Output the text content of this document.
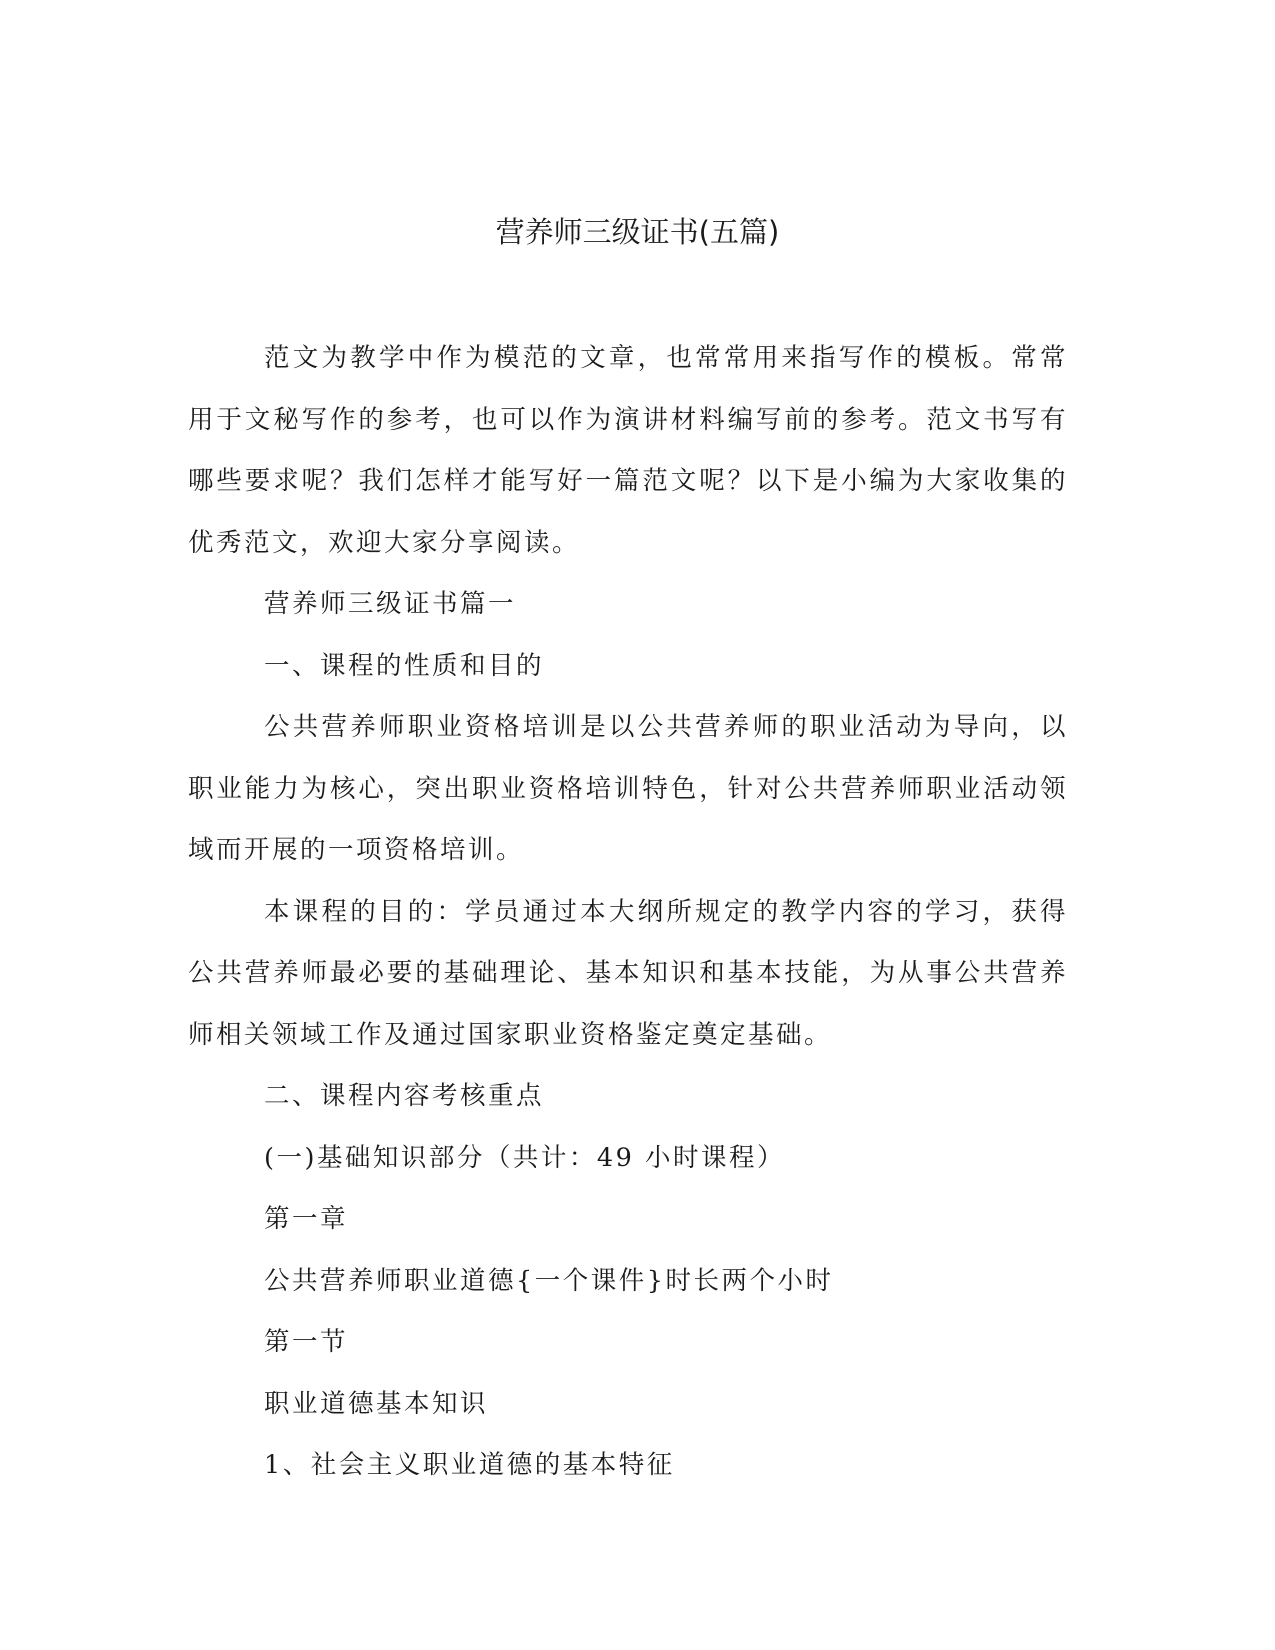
营养师三级证书(五篇)

范文为教学中作为模范的文章，也常常用来指写作的模板。常常用于文秘写作的参考，也可以作为演讲材料编写前的参考。范文书写有哪些要求呢？我们怎样才能写好一篇范文呢？以下是小编为大家收集的优秀范文，欢迎大家分享阅读。

营养师三级证书篇一

一、课程的性质和目的

公共营养师职业资格培训是以公共营养师的职业活动为导向，以职业能力为核心，突出职业资格培训特色，针对公共营养师职业活动领域而开展的一项资格培训。

本课程的目的：学员通过本大纲所规定的教学内容的学习，获得公共营养师最必要的基础理论、基本知识和基本技能，为从事公共营养师相关领域工作及通过国家职业资格鉴定奠定基础。

二、课程内容考核重点

(一)基础知识部分（共计：49 小时课程）

第一章

公共营养师职业道德{一个课件}时长两个小时

第一节

职业道德基本知识

1、社会主义职业道德的基本特征
